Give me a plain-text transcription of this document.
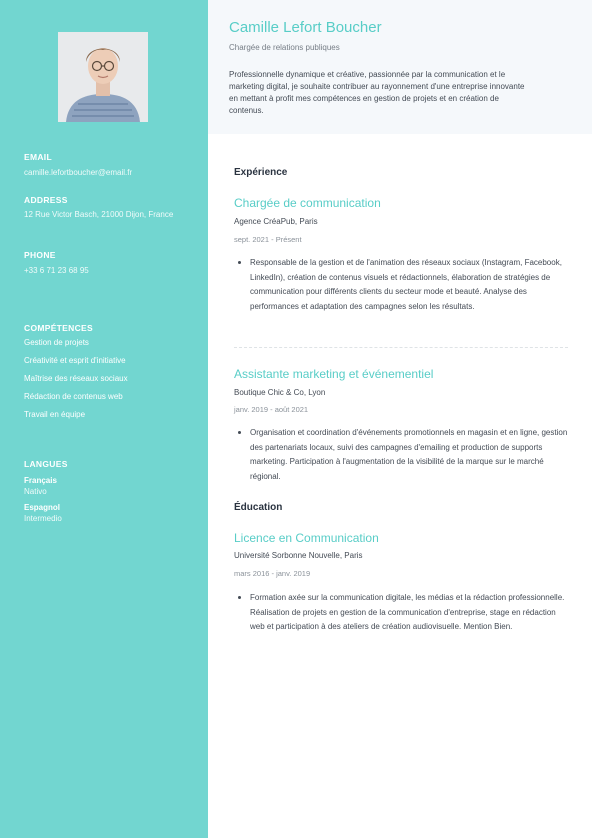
EMAIL
camille.lefortboucher@email.fr
ADDRESS
12 Rue Victor Basch, 21000 Dijon, France
PHONE
+33 6 71 23 68 95
COMPÉTENCES
Gestion de projets
Créativité et esprit d'initiative
Maîtrise des réseaux sociaux
Rédaction de contenus web
Travail en équipe
LANGUES
Français
Nativo
Espagnol
Intermedio
Camille Lefort Boucher
Chargée de relations publiques
Professionnelle dynamique et créative, passionnée par la communication et le marketing digital, je souhaite contribuer au rayonnement d'une entreprise innovante en mettant à profit mes compétences en gestion de projets et en création de contenus.
Expérience
Chargée de communication
Agence CréaPub, Paris
sept. 2021 - Présent
Responsable de la gestion et de l'animation des réseaux sociaux (Instagram, Facebook, LinkedIn), création de contenus visuels et rédactionnels, élaboration de stratégies de communication pour différents clients du secteur mode et beauté. Analyse des performances et adaptation des campagnes selon les résultats.
Assistante marketing et événementiel
Boutique Chic & Co, Lyon
janv. 2019 - août 2021
Organisation et coordination d'événements promotionnels en magasin et en ligne, gestion des partenariats locaux, suivi des campagnes d'emailing et production de supports marketing. Participation à l'augmentation de la visibilité de la marque sur le marché régional.
Éducation
Licence en Communication
Université Sorbonne Nouvelle, Paris
mars 2016 - janv. 2019
Formation axée sur la communication digitale, les médias et la rédaction professionnelle. Réalisation de projets en gestion de la communication d'entreprise, stage en rédaction web et participation à des ateliers de création audiovisuelle. Mention Bien.
